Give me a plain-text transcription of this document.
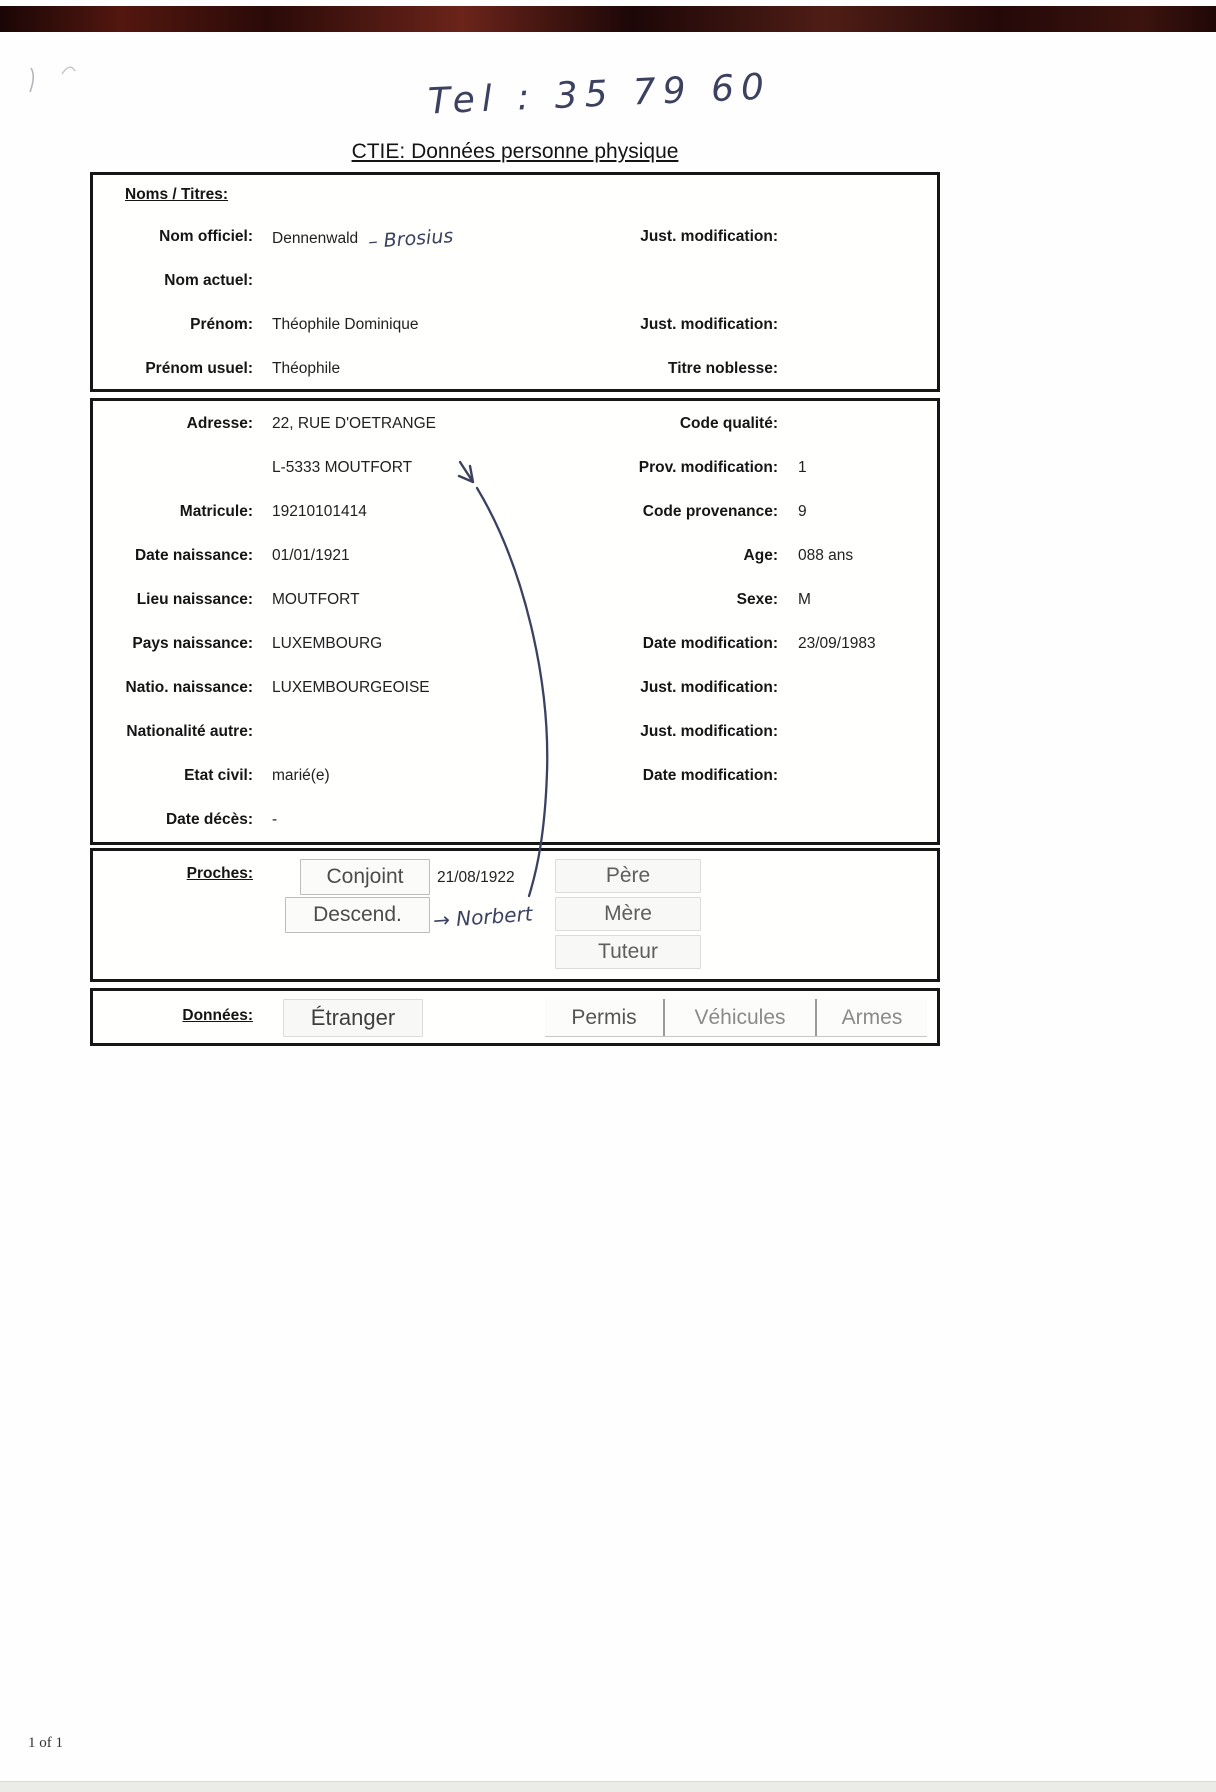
Tel : 35 79 60
CTIE: Données personne physique
Noms / Titres:
Nom officiel:	Dennenwald – Brosius	Just. modification:
Nom actuel:
Prénom:	Théophile Dominique	Just. modification:
Prénom usuel:	Théophile	Titre noblesse:
Adresse:	22, RUE D'OETRANGE	Code qualité:
L-5333 MOUTFORT	Prov. modification:	1
Matricule:	19210101414	Code provenance:	9
Date naissance:	01/01/1921	Age:	088 ans
Lieu naissance:	MOUTFORT	Sexe:	M
Pays naissance:	LUXEMBOURG	Date modification:	23/09/1983
Natio. naissance:	LUXEMBOURGEOISE	Just. modification:
Nationalité autre:	Just. modification:
Etat civil:	marié(e)	Date modification:
Date décès:	-
Proches:	Conjoint	21/08/1922
Descend.	→ Norbert
Père
Mère
Tuteur
Données:	Étranger	Permis	Véhicules	Armes
1 of 1
